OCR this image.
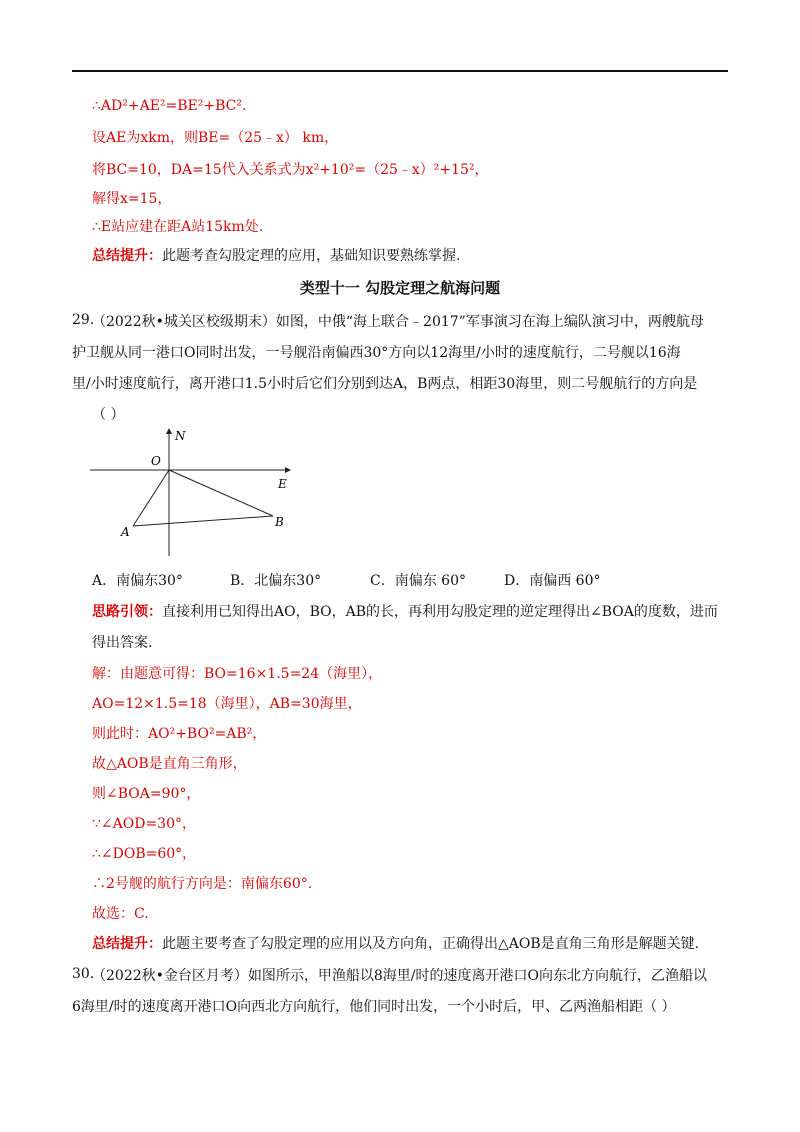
∴AD²+AE²=BE²+BC².
设AE为xkm，则BE=（25﹣x） km，
将BC=10，DA=15代入关系式为x²+10²=（25﹣x）²+15²，
解得x=15，
∴E站应建在距A站15km处.
总结提升：此题考查勾股定理的应用，基础知识要熟练掌握.
类型十一 勾股定理之航海问题
29.
（2022秋•城关区校级期末）如图，中俄“海上联合﹣2017”军事演习在海上编队演习中，两艘航母
护卫舰从同一港口O同时出发，一号舰沿南偏西30°方向以12海里/小时的速度航行，二号舰以16海
里/小时速度航行，离开港口1.5小时后它们分别到达A，B两点，相距30海里，则二号舰航行的方向是
（ ）
N
O
E
A
B
A．南偏东30°	B．北偏东30°	C．南偏东 60°	D．南偏西 60°
思路引领：直接利用已知得出AO，BO，AB的长，再利用勾股定理的逆定理得出∠BOA的度数，进而
得出答案.
解：由题意可得：BO=16×1.5=24（海里），
AO=12×1.5=18（海里），AB=30海里，
则此时：AO²+BO²=AB²，
故△AOB是直角三角形，
则∠BOA=90°，
∵∠AOD=30°，
∴∠DOB=60°，
∴2号舰的航行方向是：南偏东60°.
故选：C.
总结提升：此题主要考查了勾股定理的应用以及方向角，正确得出△AOB是直角三角形是解题关键.
30.
（2022秋•金台区月考）如图所示，甲渔船以8海里/时的速度离开港口O向东北方向航行，乙渔船以
6海里/时的速度离开港口O向西北方向航行，他们同时出发，一个小时后，甲、乙两渔船相距（ ）
